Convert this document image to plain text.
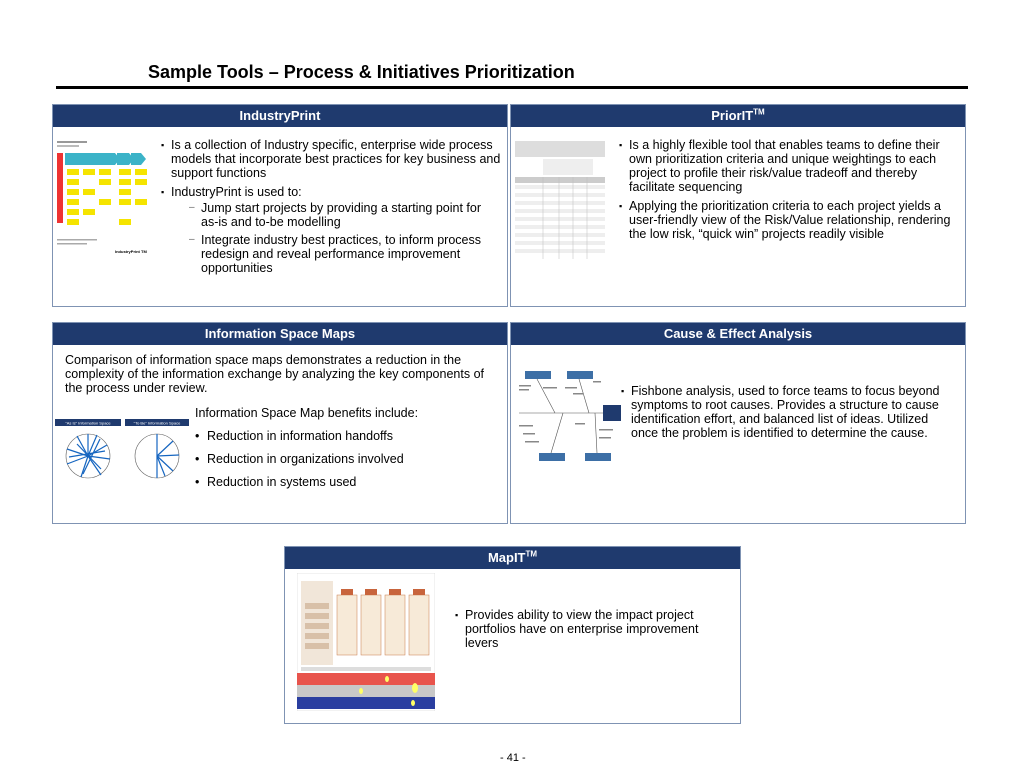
Sample Tools – Process & Initiatives Prioritization
IndustryPrint
IndustryPrint TM
▪ Is a collection of Industry specific, enterprise wide process models that incorporate best practices for key business and support functions
▪ IndustryPrint is used to:
– Jump start projects by providing a starting point for as-is and to-be modelling
– Integrate industry best practices, to inform process redesign and reveal performance improvement opportunities
PriorIT™
▪ Is a highly flexible tool that enables teams to define their own prioritization criteria and unique weightings to each project to profile their risk/value tradeoff and thereby facilitate sequencing
▪ Applying the prioritization criteria to each project yields a user-friendly view of the Risk/Value relationship, rendering the low risk, “quick win” projects readily visible
Information Space Maps
Comparison of information space maps demonstrates a reduction in the complexity of the information exchange by analyzing the key components of the process under review.
"As Is" Information Space	"To Be" Information Space
Information Space Map benefits include:
• Reduction in information handoffs
• Reduction in organizations involved
• Reduction in systems used
Cause & Effect Analysis
▪ Fishbone analysis, used to force teams to focus beyond symptoms to root causes. Provides a structure to cause identification effort, and balanced list of ideas. Utilized once the problem is identified to determine the cause.
MapIT™
▪ Provides ability to view the impact project portfolios have on enterprise improvement levers
- 41 -
